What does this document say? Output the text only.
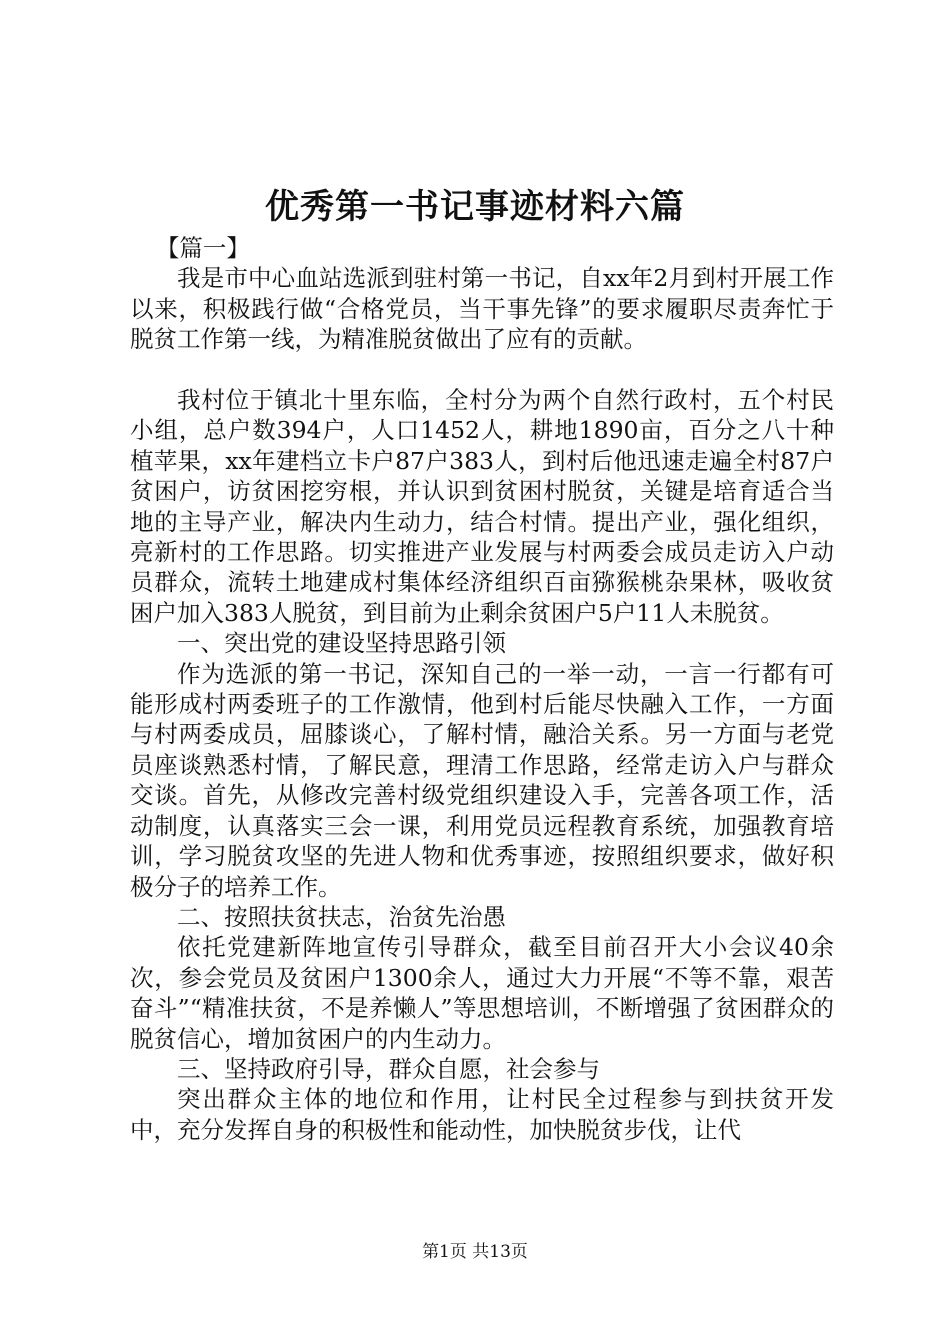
优秀第一书记事迹材料六篇

【篇一】

我是市中心血站选派到驻村第一书记，自xx年2月到村开展工作以来，积极践行做“合格党员，当干事先锋”的要求履职尽责奔忙于脱贫工作第一线，为精准脱贫做出了应有的贡献。

我村位于镇北十里东临，全村分为两个自然行政村，五个村民小组，总户数394户，人口1452人，耕地1890亩，百分之八十种植苹果，xx年建档立卡户87户383人，到村后他迅速走遍全村87户贫困户，访贫困挖穷根，并认识到贫困村脱贫，关键是培育适合当地的主导产业，解决内生动力，结合村情。提出产业，强化组织，亮新村的工作思路。切实推进产业发展与村两委会成员走访入户动员群众，流转土地建成村集体经济组织百亩猕猴桃杂果林，吸收贫困户加入383人脱贫，到目前为止剩余贫困户5户11人未脱贫。

一、突出党的建设坚持思路引领

作为选派的第一书记，深知自己的一举一动，一言一行都有可能形成村两委班子的工作激情，他到村后能尽快融入工作，一方面与村两委成员，屈膝谈心，了解村情，融洽关系。另一方面与老党员座谈熟悉村情，了解民意，理清工作思路，经常走访入户与群众交谈。首先，从修改完善村级党组织建设入手，完善各项工作，活动制度，认真落实三会一课，利用党员远程教育系统，加强教育培训，学习脱贫攻坚的先进人物和优秀事迹，按照组织要求，做好积极分子的培养工作。

二、按照扶贫扶志，治贫先治愚

依托党建新阵地宣传引导群众，截至目前召开大小会议40余次，参会党员及贫困户1300余人，通过大力开展“不等不靠，艰苦奋斗”“精准扶贫，不是养懒人”等思想培训，不断增强了贫困群众的脱贫信心，增加贫困户的内生动力。

三、坚持政府引导，群众自愿，社会参与

突出群众主体的地位和作用，让村民全过程参与到扶贫开发中，充分发挥自身的积极性和能动性，加快脱贫步伐，让代

第1页 共13页
